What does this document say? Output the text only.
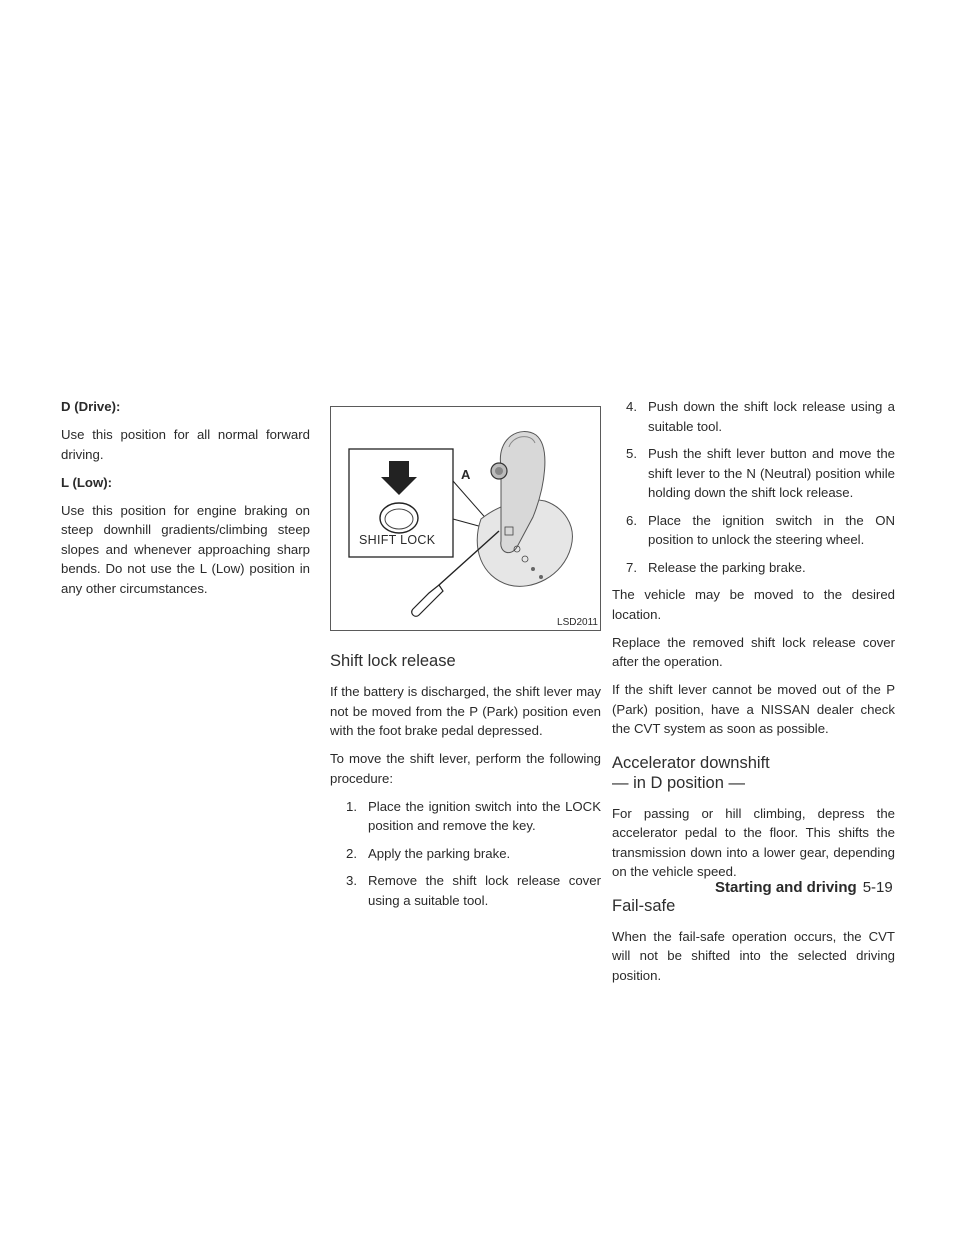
D (Drive):

Use this position for all normal forward driving.

L (Low):

Use this position for engine braking on steep downhill gradients/climbing steep slopes and whenever approaching sharp bends. Do not use the L (Low) position in any other circumstances.

A
SHIFT LOCK
LSD2011
Shift lock release

If the battery is discharged, the shift lever may not be moved from the P (Park) position even with the foot brake pedal depressed.

To move the shift lever, perform the following procedure:

1. Place the ignition switch into the LOCK position and remove the key.
2. Apply the parking brake.
3. Remove the shift lock release cover using a suitable tool.
4. Push down the shift lock release using a suitable tool.
5. Push the shift lever button and move the shift lever to the N (Neutral) position while holding down the shift lock release.
6. Place the ignition switch in the ON position to unlock the steering wheel.
7. Release the parking brake.

The vehicle may be moved to the desired location.

Replace the removed shift lock release cover after the operation.

If the shift lever cannot be moved out of the P (Park) position, have a NISSAN dealer check the CVT system as soon as possible.

Accelerator downshift
— in D position —

For passing or hill climbing, depress the accelerator pedal to the floor. This shifts the transmission down into a lower gear, depending on the vehicle speed.

Fail-safe

When the fail-safe operation occurs, the CVT will not be shifted into the selected driving position.

Starting and driving 5-19
